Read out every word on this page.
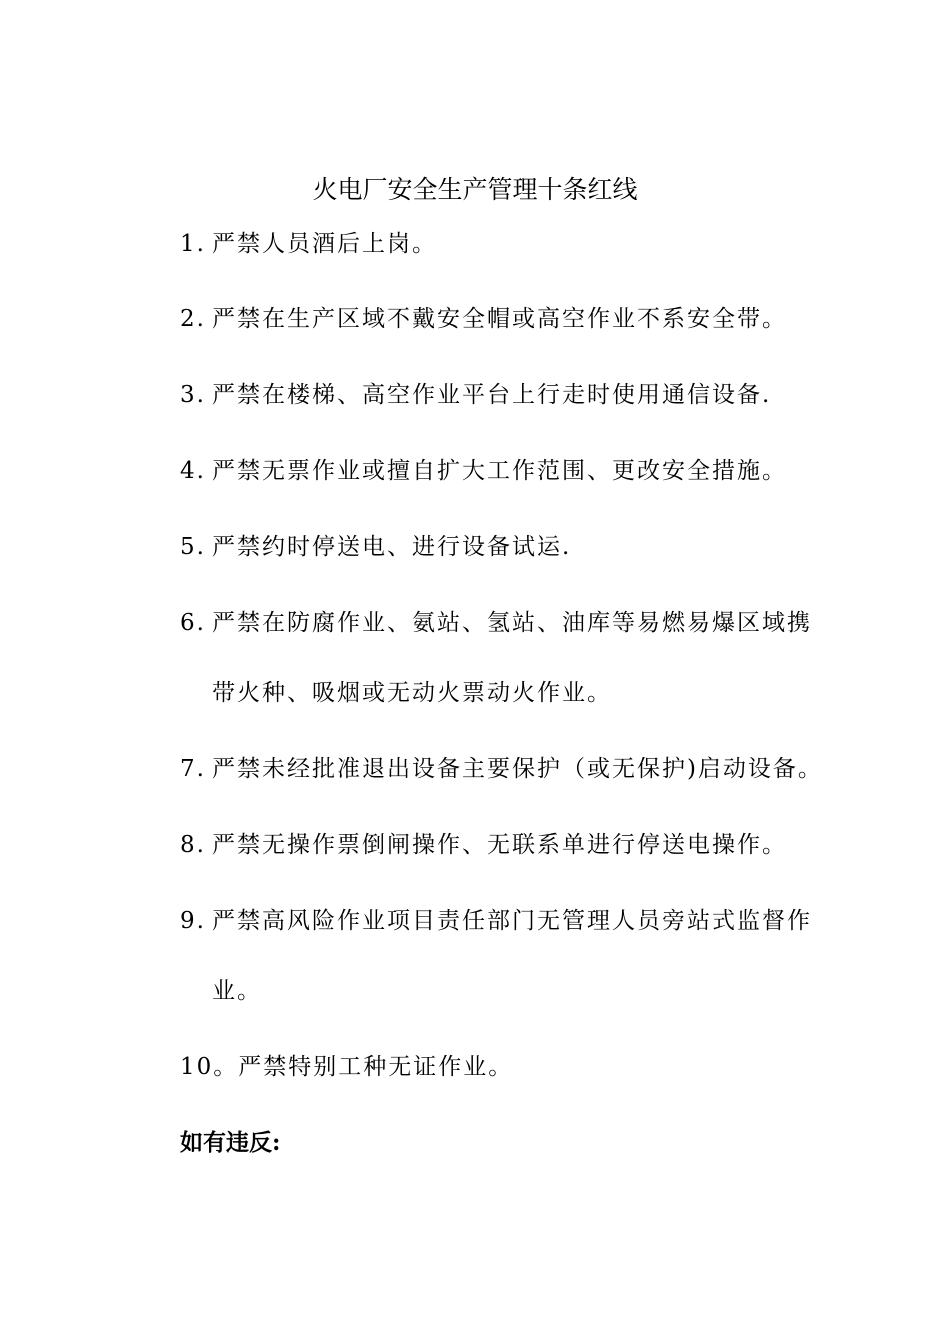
火电厂安全生产管理十条红线
1. 严禁人员酒后上岗。
2. 严禁在生产区域不戴安全帽或高空作业不系安全带。
3. 严禁在楼梯、高空作业平台上行走时使用通信设备.
4. 严禁无票作业或擅自扩大工作范围、更改安全措施。
5. 严禁约时停送电、进行设备试运.
6. 严禁在防腐作业、氨站、氢站、油库等易燃易爆区域携
带火种、吸烟或无动火票动火作业。
7. 严禁未经批准退出设备主要保护（或无保护)启动设备。
8. 严禁无操作票倒闸操作、无联系单进行停送电操作。
9. 严禁高风险作业项目责任部门无管理人员旁站式监督作
业。
10。严禁特别工种无证作业。
如有违反:
